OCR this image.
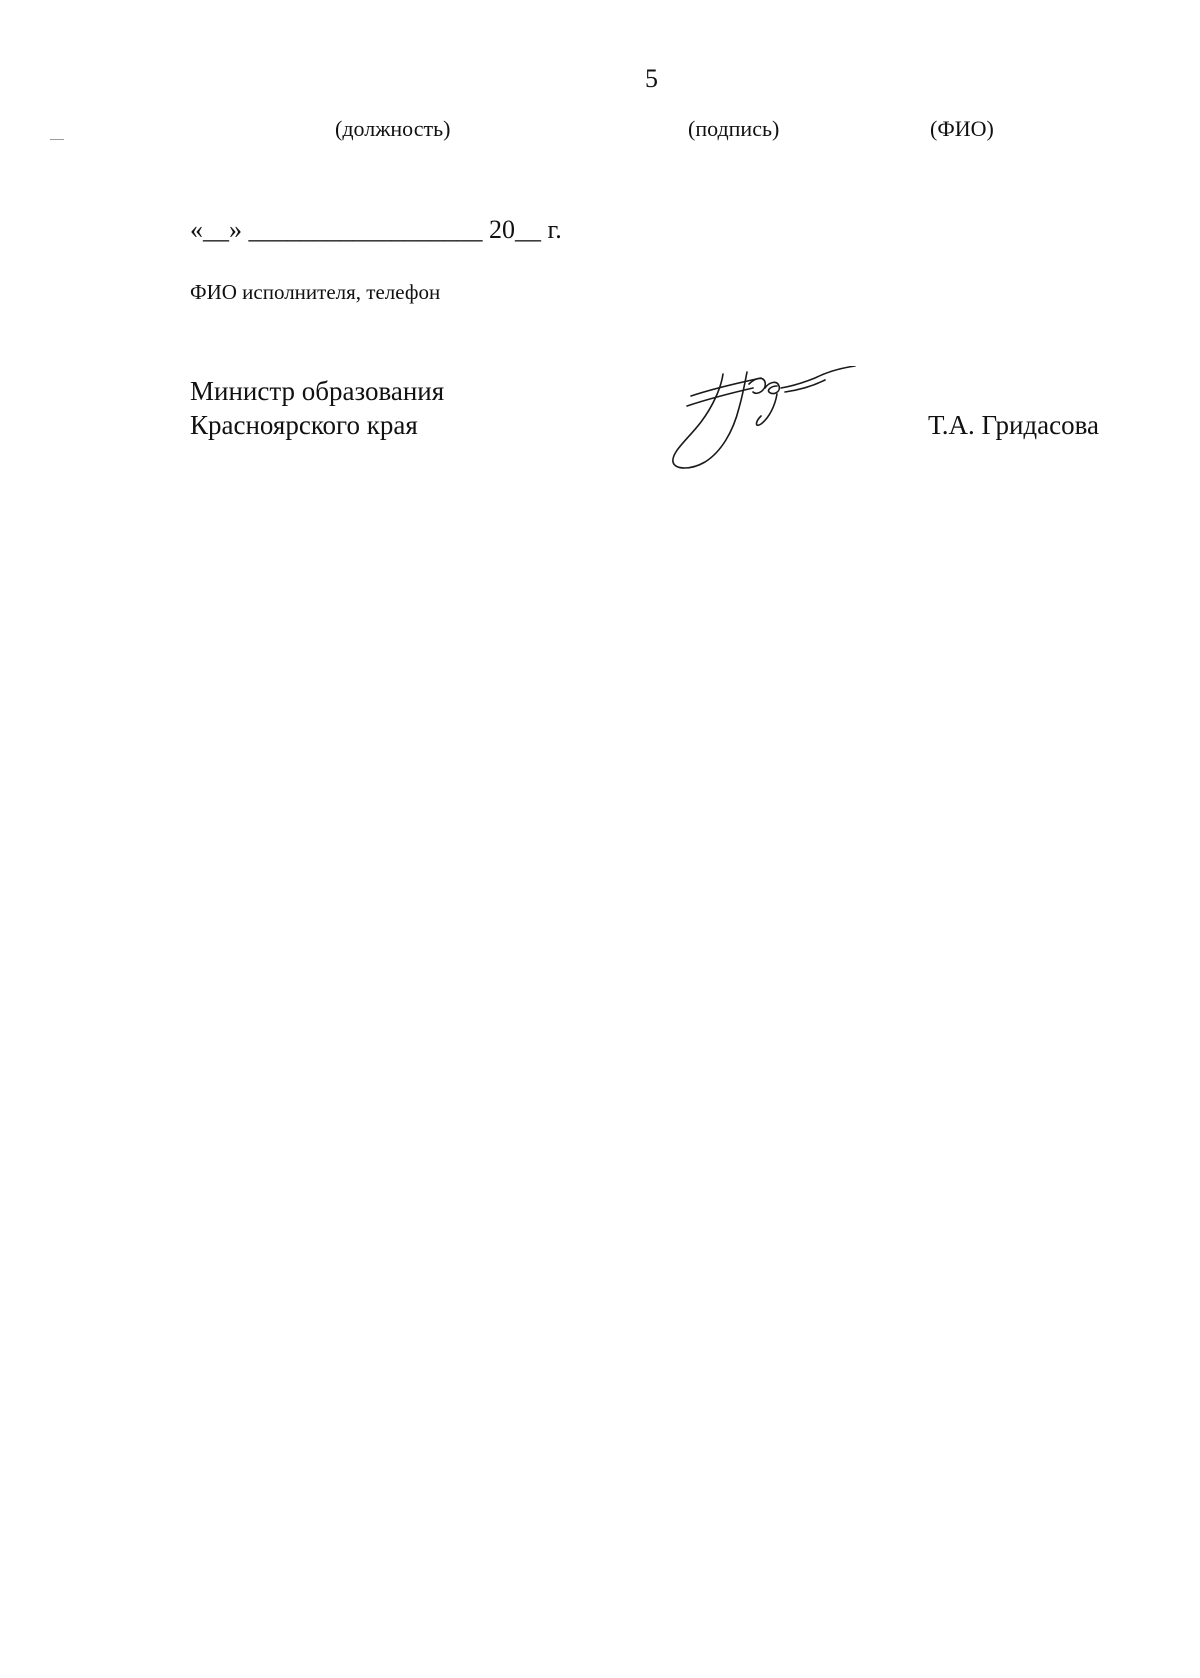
5
(должность)	(подпись)	(ФИО)
«__» __________________ 20__ г.
ФИО исполнителя, телефон
Министр образования
Красноярского края	Т.А. Гридасова
